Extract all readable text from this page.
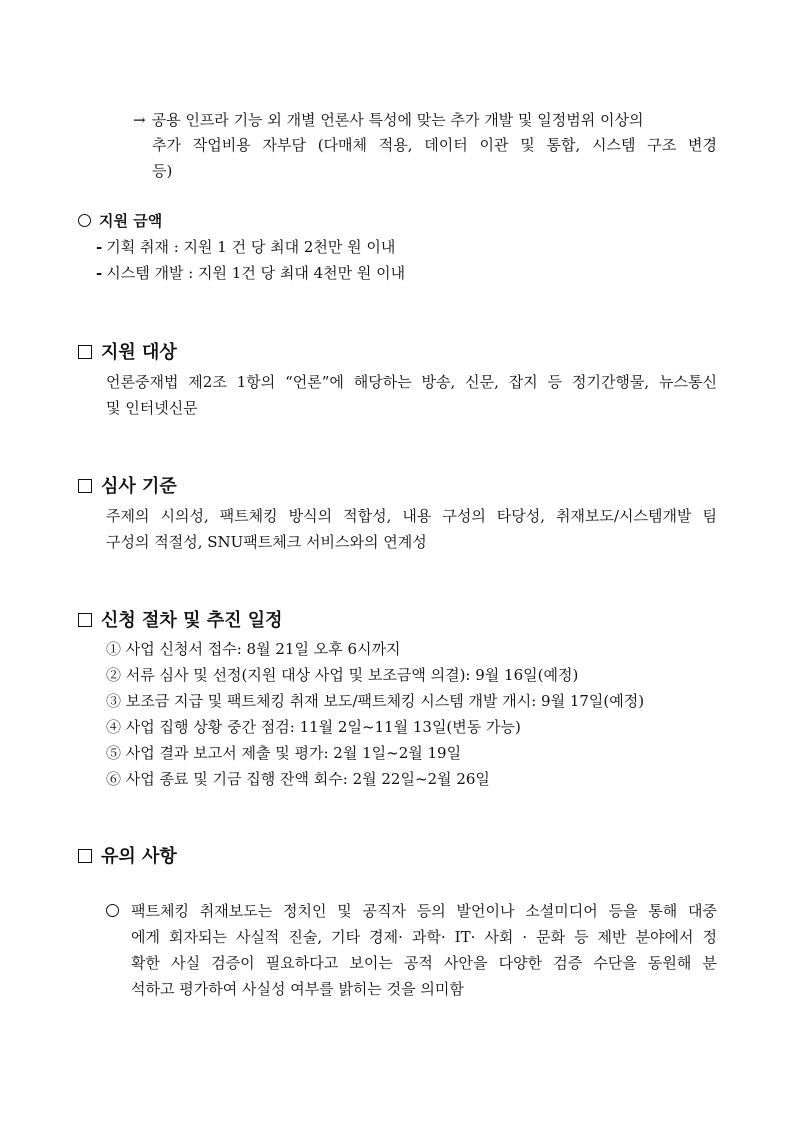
→ 공용 인프라 기능 외 개별 언론사 특성에 맞는 추가 개발 및 일정범위 이상의
추가 작업비용 자부담 (다매체 적용, 데이터 이관 및 통합, 시스템 구조 변경
등)
지원 금액
- 기획 취재 : 지원 1 건 당 최대 2천만 원 이내
- 시스템 개발 : 지원 1건 당 최대 4천만 원 이내
지원 대상
언론중재법 제2조 1항의 “언론”에 해당하는 방송, 신문, 잡지 등 정기간행물, 뉴스통신
및 인터넷신문
심사 기준
주제의 시의성, 팩트체킹 방식의 적합성, 내용 구성의 타당성, 취재보도/시스템개발 팀
구성의 적절성, SNU팩트체크 서비스와의 연계성
신청 절차 및 추진 일정
① 사업 신청서 접수: 8월 21일 오후 6시까지
② 서류 심사 및 선정(지원 대상 사업 및 보조금액 의결): 9월 16일(예정)
③ 보조금 지급 및 팩트체킹 취재 보도/팩트체킹 시스템 개발 개시: 9월 17일(예정)
④ 사업 집행 상황 중간 점검: 11월 2일~11월 13일(변동 가능)
⑤ 사업 결과 보고서 제출 및 평가: 2월 1일~2월 19일
⑥ 사업 종료 및 기금 집행 잔액 회수: 2월 22일~2월 26일
유의 사항
팩트체킹 취재보도는 정치인 및 공직자 등의 발언이나 소셜미디어 등을 통해 대중
에게 회자되는 사실적 진술, 기타 경제· 과학· IT· 사회 · 문화 등 제반 분야에서 정
확한 사실 검증이 필요하다고 보이는 공적 사안을 다양한 검증 수단을 동원해 분
석하고 평가하여 사실성 여부를 밝히는 것을 의미함
